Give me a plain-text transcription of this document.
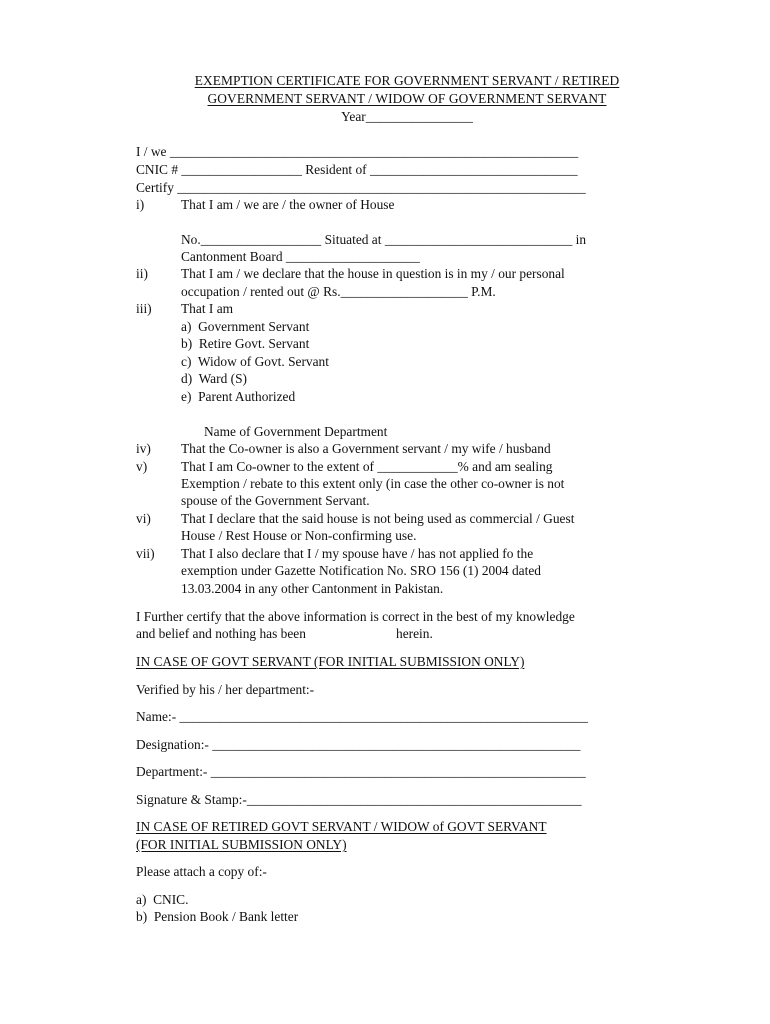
EXEMPTION CERTIFICATE FOR GOVERNMENT SERVANT / RETIRED
GOVERNMENT SERVANT / WIDOW OF GOVERNMENT SERVANT
Year________________
I / we _____________________________________________________________
CNIC # __________________ Resident of _______________________________
Certify _____________________________________________________________
i)	That I am / we are / the owner of House
No.__________________ Situated at ____________________________ in
Cantonment Board ____________________
ii) That I am / we declare that the house in question is in my / our personal
occupation / rented out @ Rs.___________________ P.M.
iii) That I am
a)  Government Servant
b)  Retire Govt. Servant
c)  Widow of Govt. Servant
d)  Ward (S)
e)  Parent Authorized
Name of Government Department
iv) That the Co-owner is also a Government servant / my wife / husband
v)	That I am Co-owner to the extent of ____________% and am sealing
Exemption / rebate to this extent only (in case the other co-owner is not
spouse of the Government Servant.
vi) That I declare that the said house is not being used as commercial / Guest
House / Rest House or Non-confirming use.
vii) That I also declare that I / my spouse have / has not applied fo the
exemption under Gazette Notification No. SRO 156 (1) 2004 dated
13.03.2004 in any other Cantonment in Pakistan.
I Further certify that the above information is correct in the best of my knowledge
and belief and nothing has been	herein.
IN CASE OF GOVT SERVANT (FOR INITIAL SUBMISSION ONLY)
Verified by his / her department:-
Name:- _____________________________________________________________
Designation:- _______________________________________________________
Department:- ________________________________________________________
Signature & Stamp:-__________________________________________________
IN CASE OF RETIRED GOVT SERVANT / WIDOW of GOVT SERVANT
(FOR INITIAL SUBMISSION ONLY)
Please attach a copy of:-
a)  CNIC.
b)  Pension Book / Bank letter
